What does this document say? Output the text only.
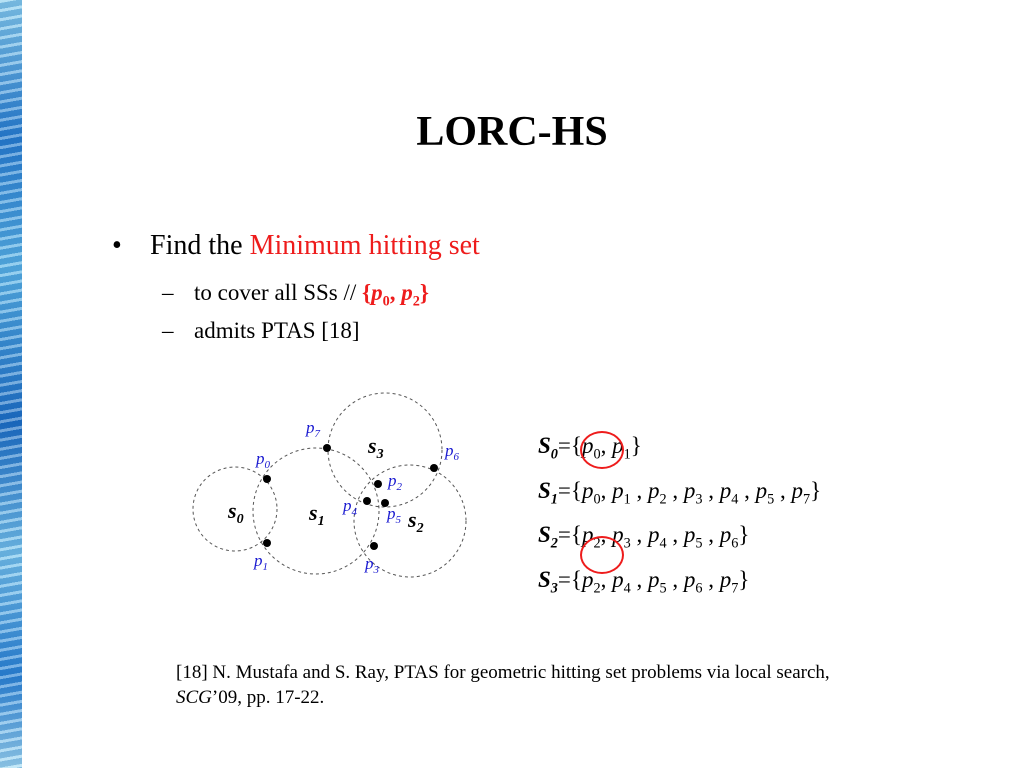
LORC-HS
• Find the Minimum hitting set
– to cover all SSs // {$p_0$, $p_2$}
– admits PTAS [18]
$s_0$	$s_1$	$s_2$
$s_3$
$p_0$
$p_1$
$p_2$
$p_3$
$p_4$ $p_5$
$p_6$
$p_7$	$S_0=\{p_0$, $p_1$}
$S_1=\{p_0$, $p_1$ , $p_2$ , $p_3$ , $p_4$ , $p_5$ , $p_7$}
$S_2=\{p_2$, $p_3$ , $p_4$ , $p_5$ , $p_6$}
$S_3=\{p_2$, $p_4$ , $p_5$ , $p_6$ , $p_7$}
[18] N. Mustafa and S. Ray, PTAS for geometric hitting set problems via local search,
SCG’09, pp. 17-22.
